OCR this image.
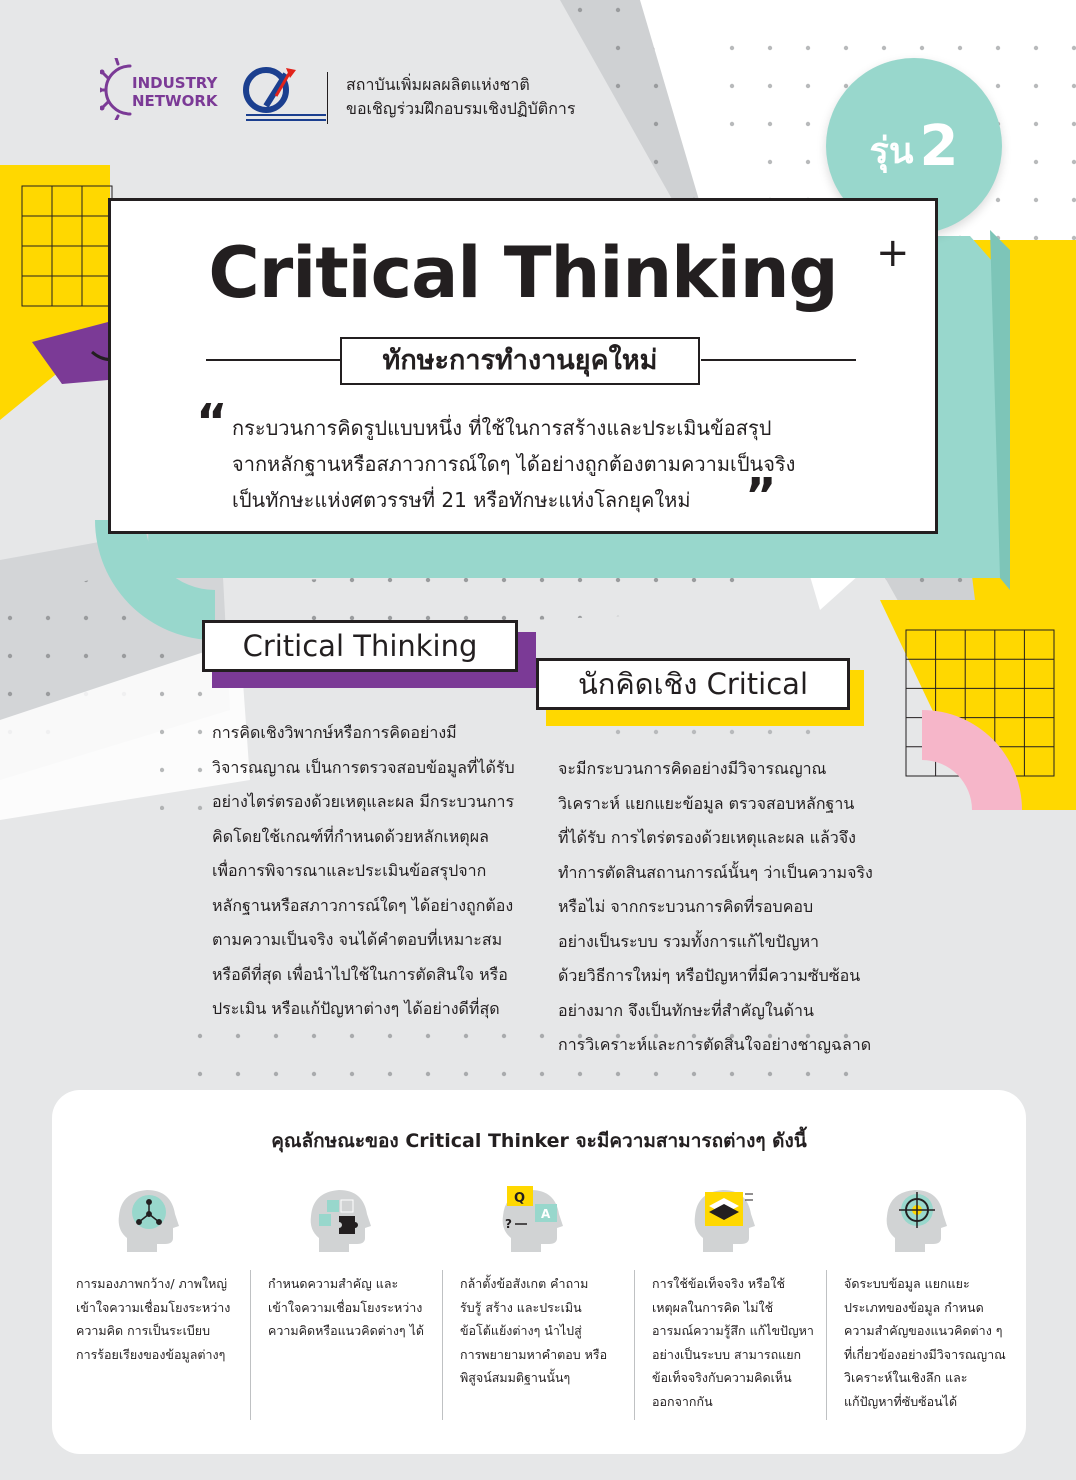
INDUSTRY
NETWORK
สถาบันเพิ่มผลผลิตแห่งชาติ
ขอเชิญร่วมฝึกอบรมเชิงปฏิบัติการ
รุ่น 2
Critical Thinking +
ทักษะการทำงานยุคใหม่
“ กระบวนการคิดรูปแบบหนึ่ง ที่ใช้ในการสร้างและประเมินข้อสรุป
จากหลักฐานหรือสภาวการณ์ใดๆ ได้อย่างถูกต้องตามความเป็นจริง
เป็นทักษะแห่งศตวรรษที่ 21 หรือทักษะแห่งโลกยุคใหม่	”
Critical Thinking
นักคิดเชิง Critical
การคิดเชิงวิพากษ์หรือการคิดอย่างมี
วิจารณญาณ เป็นการตรวจสอบข้อมูลที่ได้รับ
อย่างไตร่ตรองด้วยเหตุและผล มีกระบวนการ
คิดโดยใช้เกณฑ์ที่กำหนดด้วยหลักเหตุผล
เพื่อการพิจารณาและประเมินข้อสรุปจาก
หลักฐานหรือสภาวการณ์ใดๆ ได้อย่างถูกต้อง
ตามความเป็นจริง จนได้คำตอบที่เหมาะสม
หรือดีที่สุด เพื่อนำไปใช้ในการตัดสินใจ หรือ
ประเมิน หรือแก้ปัญหาต่างๆ ได้อย่างดีที่สุด
จะมีกระบวนการคิดอย่างมีวิจารณญาณ
วิเคราะห์ แยกแยะข้อมูล ตรวจสอบหลักฐาน
ที่ได้รับ การไตร่ตรองด้วยเหตุและผล แล้วจึง
ทำการตัดสินสถานการณ์นั้นๆ ว่าเป็นความจริง
หรือไม่ จากกระบวนการคิดที่รอบคอบ
อย่างเป็นระบบ รวมทั้งการแก้ไขปัญหา
ด้วยวิธีการใหม่ๆ หรือปัญหาที่มีความซับซ้อน
อย่างมาก จึงเป็นทักษะที่สำคัญในด้าน
การวิเคราะห์และการตัดสินใจอย่างชาญฉลาด
คุณลักษณะของ Critical Thinker จะมีความสามารถต่างๆ ดังนี้
การมองภาพกว้าง/ ภาพใหญ่
เข้าใจความเชื่อมโยงระหว่าง
ความคิด การเป็นระเบียบ
การร้อยเรียงของข้อมูลต่างๆ
กำหนดความสำคัญ และ
เข้าใจความเชื่อมโยงระหว่าง
ความคิดหรือแนวคิดต่างๆ ได้
Q
A
?
กล้าตั้งข้อสังเกต คำถาม
รับรู้ สร้าง และประเมิน
ข้อโต้แย้งต่างๆ นำไปสู่
การพยายามหาคำตอบ หรือ
พิสูจน์สมมติฐานนั้นๆ
การใช้ข้อเท็จจริง หรือใช้
เหตุผลในการคิด ไม่ใช้
อารมณ์ความรู้สึก แก้ไขปัญหา
อย่างเป็นระบบ สามารถแยก
ข้อเท็จจริงกับความคิดเห็น
ออกจากกัน
จัดระบบข้อมูล แยกแยะ
ประเภทของข้อมูล กำหนด
ความสำคัญของแนวคิดต่าง ๆ
ที่เกี่ยวข้องอย่างมีวิจารณญาณ
วิเคราะห์ในเชิงลึก และ
แก้ปัญหาที่ซับซ้อนได้
